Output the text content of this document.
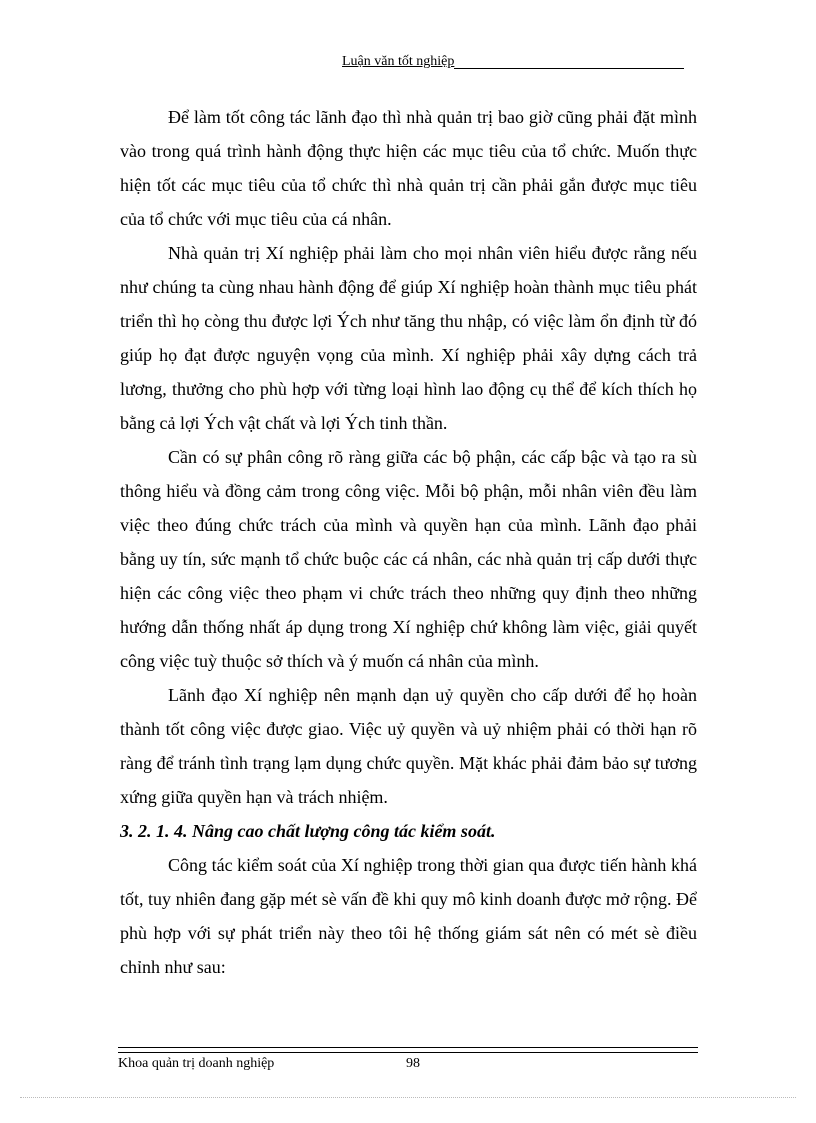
Luận văn tốt nghiệp

Để làm tốt công tác lãnh đạo thì nhà quản trị bao giờ cũng phải đặt mình vào trong quá trình hành động thực hiện các mục tiêu của tổ chức. Muốn thực hiện tốt các mục tiêu của tổ chức thì nhà quản trị cần phải gắn được mục tiêu của tổ chức với mục tiêu của cá nhân.

Nhà quản trị Xí nghiệp phải làm cho mọi nhân viên hiểu được rằng nếu như chúng ta cùng nhau hành động để giúp Xí nghiệp hoàn thành mục tiêu phát triển thì họ còng thu được lợi Ých như tăng thu nhập, có việc làm ổn định từ đó giúp họ đạt được nguyện vọng của mình. Xí nghiệp phải xây dựng cách trả lương, thưởng cho phù hợp với từng loại hình lao động cụ thể để kích thích họ bằng cả lợi Ých vật chất và lợi Ých tinh thần.

Cần có sự phân công rõ ràng giữa các bộ phận, các cấp bậc và tạo ra sù thông hiểu và đồng cảm trong công việc. Mỗi bộ phận, mỗi nhân viên đều làm việc theo đúng chức trách của mình và quyền hạn của mình. Lãnh đạo phải bằng uy tín, sức mạnh tổ chức buộc các cá nhân, các nhà quản trị cấp dưới thực hiện các công việc theo phạm vi chức trách theo những quy định theo những hướng dẫn thống nhất áp dụng trong Xí nghiệp chứ không làm việc, giải quyết công việc tuỳ thuộc sở thích và ý muốn cá nhân của mình.

Lãnh đạo Xí nghiệp nên mạnh dạn uỷ quyền cho cấp dưới để họ hoàn thành tốt công việc được giao. Việc uỷ quyền và uỷ nhiệm phải có thời hạn rõ ràng để tránh tình trạng lạm dụng chức quyền. Mặt khác phải đảm bảo sự tương xứng giữa quyền hạn và trách nhiệm.

3. 2. 1. 4. Nâng cao chất lượng công tác kiểm soát.

Công tác kiểm soát của Xí nghiệp trong thời gian qua được tiến hành khá tốt, tuy nhiên đang gặp mét sè vấn đề khi quy mô kinh doanh được mở rộng. Để phù hợp với sự phát triển này theo tôi hệ thống giám sát nên có mét sè điều chỉnh như sau:

Khoa quản trị doanh nghiệp	98
